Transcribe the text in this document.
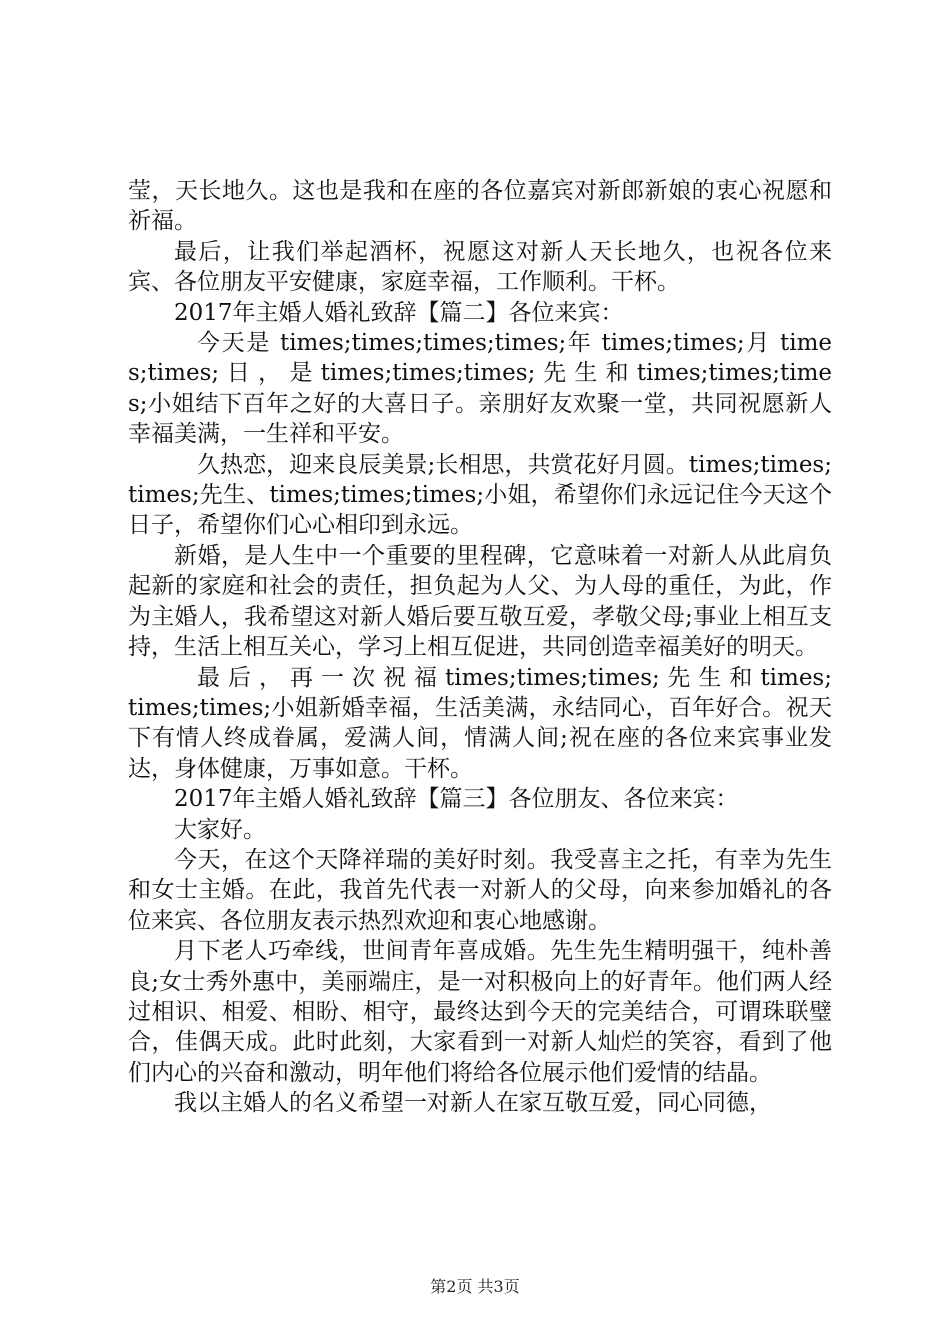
莹，天长地久。这也是我和在座的各位嘉宾对新郎新娘的衷心祝愿和祈福。

最后，让我们举起酒杯，祝愿这对新人天长地久，也祝各位来宾、各位朋友平安健康，家庭幸福，工作顺利。干杯。

2017年主婚人婚礼致辞【篇二】各位来宾：

今天是 times;times;times;times;年 times;times;月 times;times; 日 ， 是 times;times;times; 先 生 和 times;times;times;小姐结下百年之好的大喜日子。亲朋好友欢聚一堂，共同祝愿新人幸福美满，一生祥和平安。

久热恋，迎来良辰美景;长相思，共赏花好月圆。times;times;times;先生、times;times;times;小姐，希望你们永远记住今天这个日子，希望你们心心相印到永远。

新婚，是人生中一个重要的里程碑，它意味着一对新人从此肩负起新的家庭和社会的责任，担负起为人父、为人母的重任，为此，作为主婚人，我希望这对新人婚后要互敬互爱，孝敬父母;事业上相互支持，生活上相互关心，学习上相互促进，共同创造幸福美好的明天。

最 后 ， 再 一 次 祝 福 times;times;times; 先 生 和 times;times;times;小姐新婚幸福，生活美满，永结同心，百年好合。祝天下有情人终成眷属，爱满人间，情满人间;祝在座的各位来宾事业发达，身体健康，万事如意。干杯。

2017年主婚人婚礼致辞【篇三】各位朋友、各位来宾：

大家好。

今天，在这个天降祥瑞的美好时刻。我受喜主之托，有幸为先生和女士主婚。在此，我首先代表一对新人的父母，向来参加婚礼的各位来宾、各位朋友表示热烈欢迎和衷心地感谢。

月下老人巧牵线，世间青年喜成婚。先生先生精明强干，纯朴善良;女士秀外惠中，美丽端庄，是一对积极向上的好青年。他们两人经过相识、相爱、相盼、相守，最终达到今天的完美结合，可谓珠联璧合，佳偶天成。此时此刻，大家看到一对新人灿烂的笑容，看到了他们内心的兴奋和激动，明年他们将给各位展示他们爱情的结晶。

我以主婚人的名义希望一对新人在家互敬互爱，同心同德，

第2页 共3页
